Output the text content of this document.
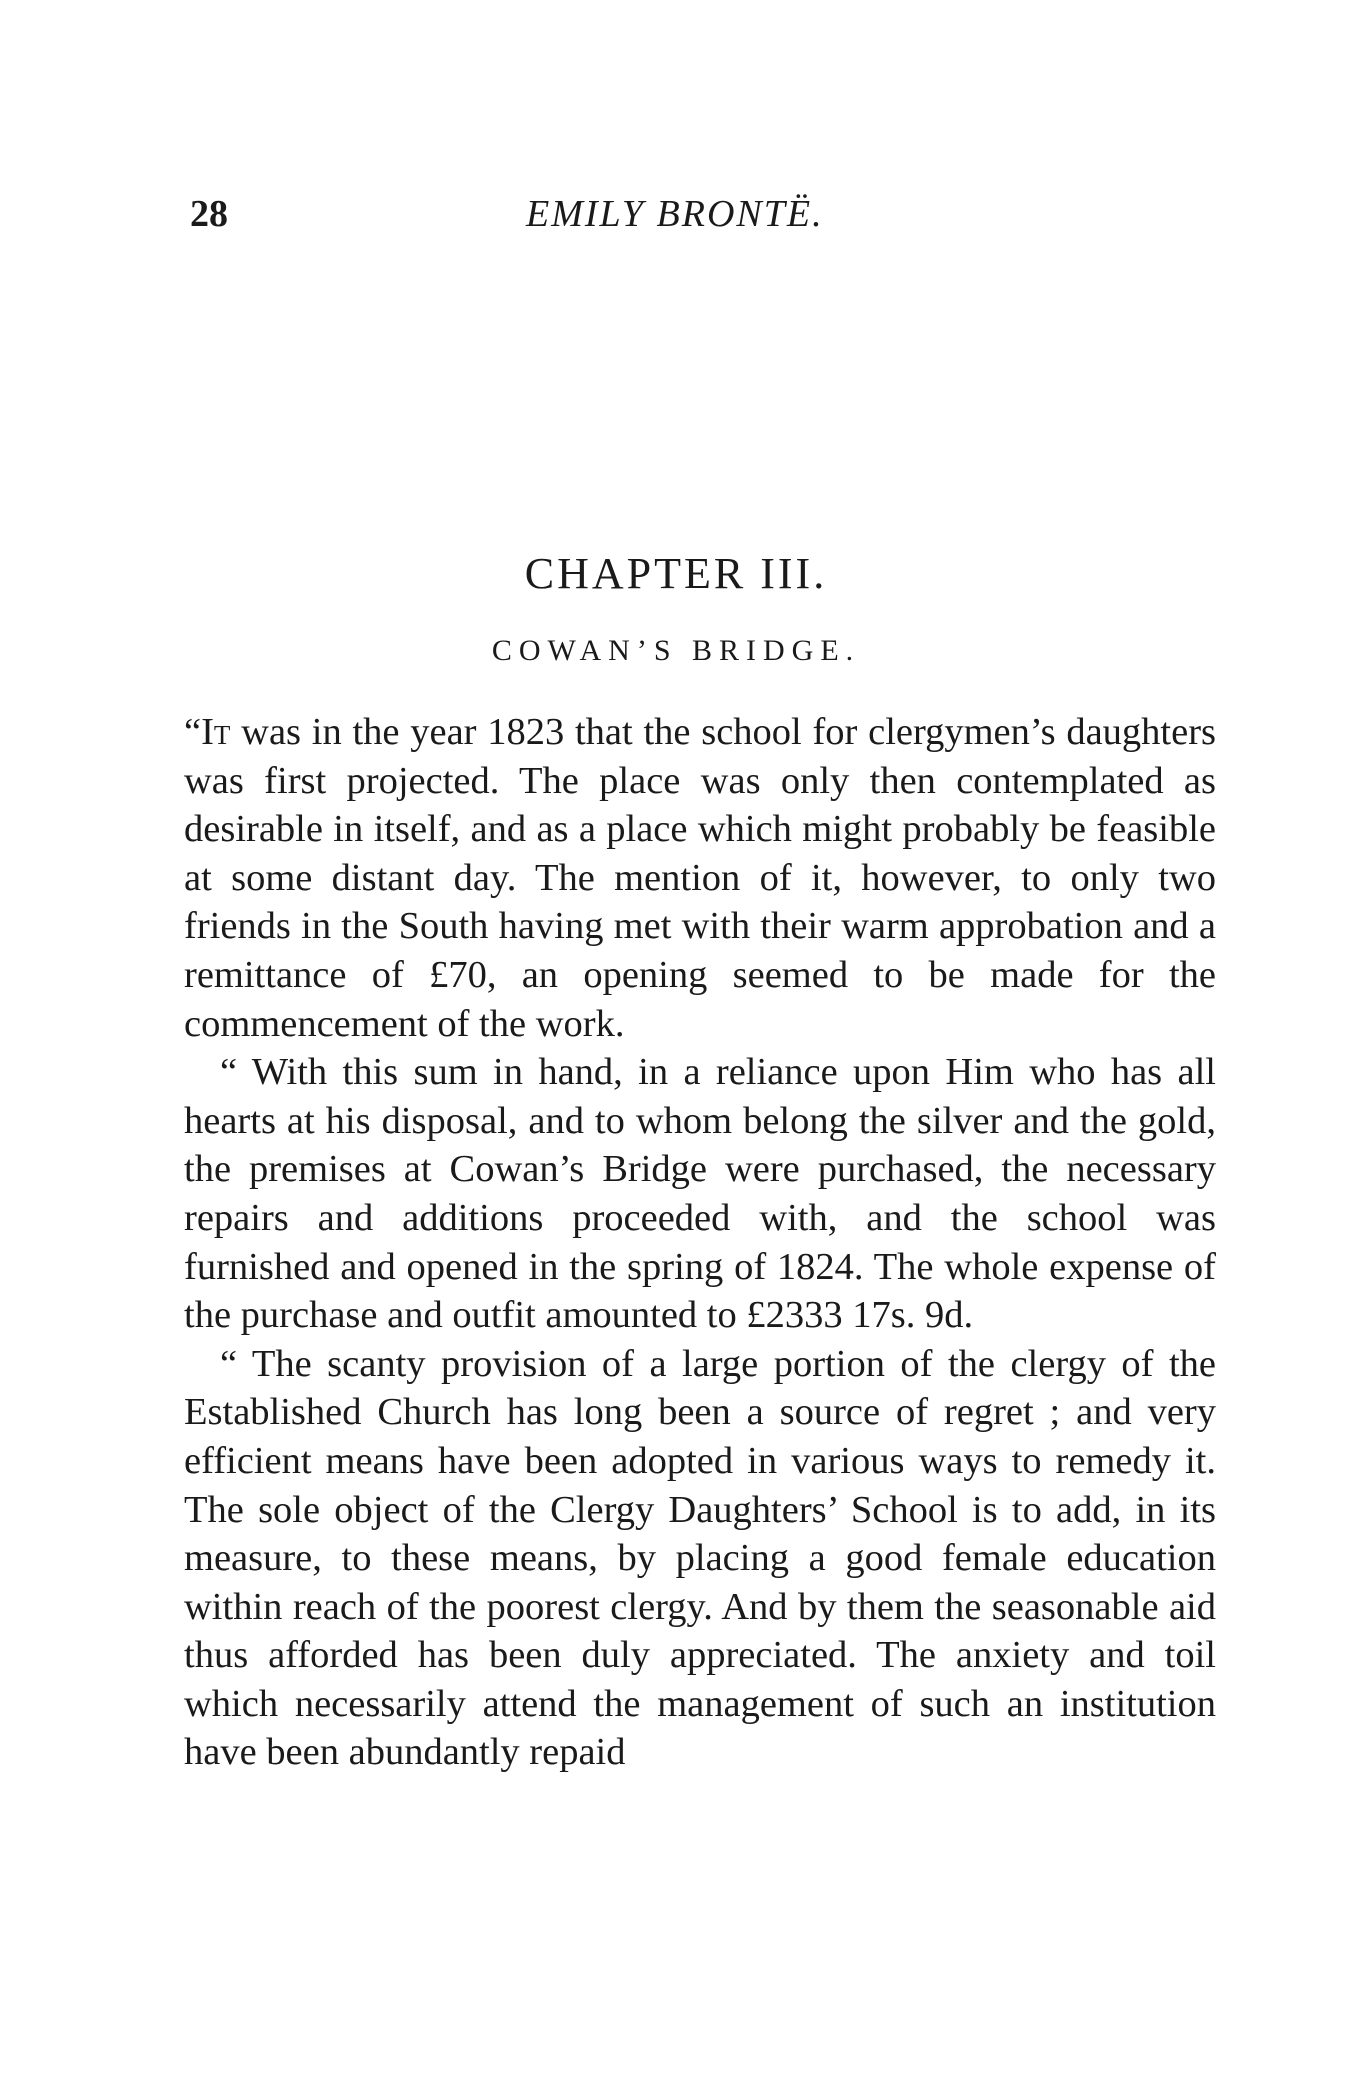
28	EMILY BRONTË.
CHAPTER III.
COWAN’S BRIDGE.

“It was in the year 1823 that the school for clergymen’s daughters was first projected. The place was only then contemplated as desirable in itself, and as a place which might probably be feasible at some distant day. The mention of it, however, to only two friends in the South having met with their warm approbation and a remittance of £70, an opening seemed to be made for the commencement of the work.

“ With this sum in hand, in a reliance upon Him who has all hearts at his disposal, and to whom belong the silver and the gold, the premises at Cowan’s Bridge were purchased, the necessary repairs and additions proceeded with, and the school was furnished and opened in the spring of 1824. The whole expense of the purchase and outfit amounted to £2333 17s. 9d.

“ The scanty provision of a large portion of the clergy of the Established Church has long been a source of regret ; and very efficient means have been adopted in various ways to remedy it. The sole object of the Clergy Daughters’ School is to add, in its measure, to these means, by placing a good female education within reach of the poorest clergy. And by them the seasonable aid thus afforded has been duly appreciated. The anxiety and toil which necessarily attend the management of such an institution have been abundantly repaid
